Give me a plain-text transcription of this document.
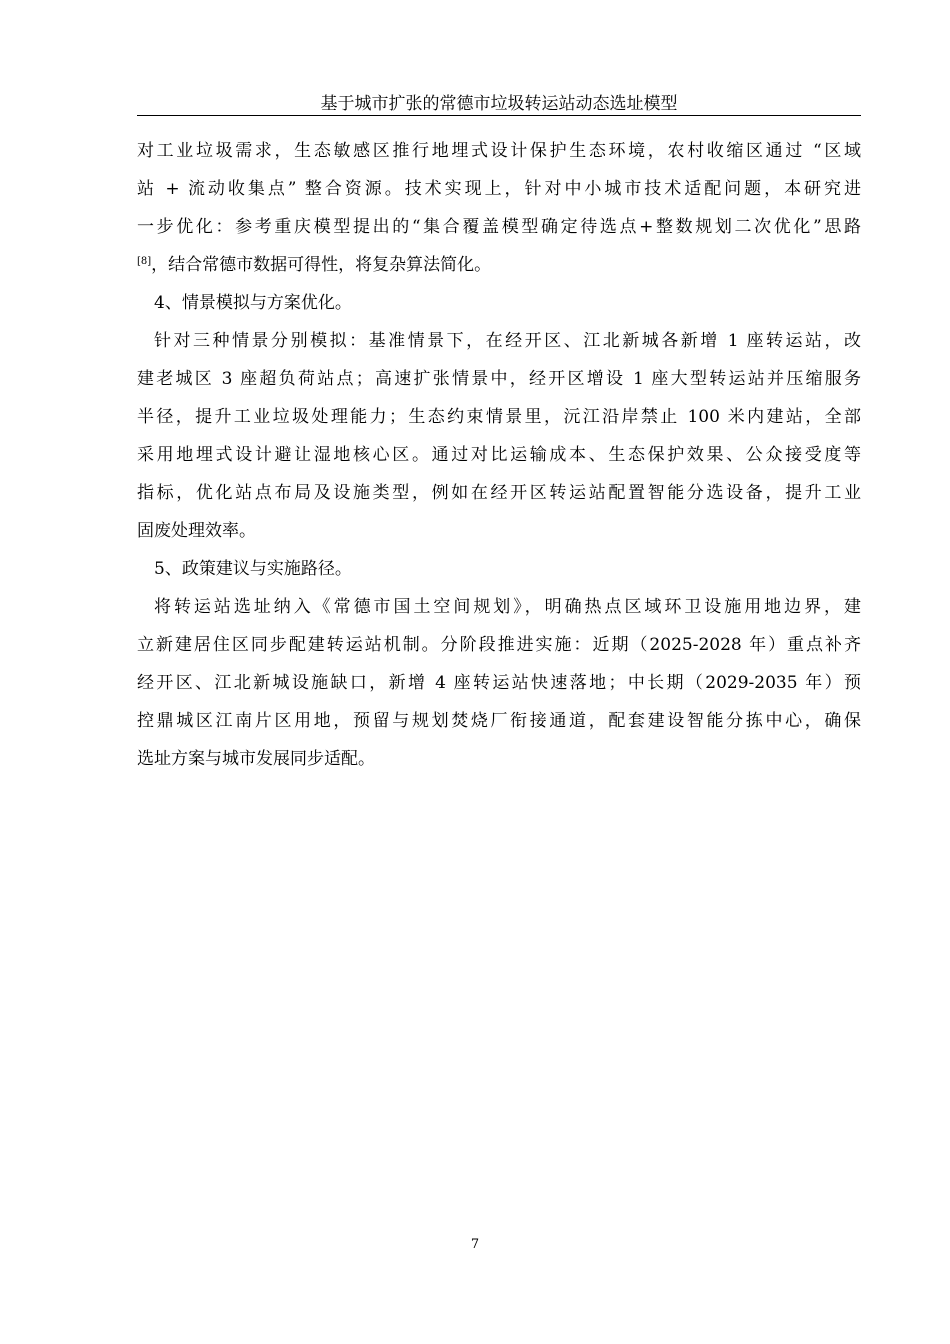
基于城市扩张的常德市垃圾转运站动态选址模型
对工业垃圾需求，生态敏感区推行地埋式设计保护生态环境，农村收缩区通过 “区域
站 + 流动收集点” 整合资源。技术实现上，针对中小城市技术适配问题，本研究进
一步优化：参考重庆模型提出的“集合覆盖模型确定待选点+整数规划二次优化”思路
[8]，结合常德市数据可得性，将复杂算法简化。
4、情景模拟与方案优化。
针对三种情景分别模拟：基准情景下，在经开区、江北新城各新增 1 座转运站，改
建老城区 3 座超负荷站点；高速扩张情景中，经开区增设 1 座大型转运站并压缩服务
半径，提升工业垃圾处理能力；生态约束情景里，沅江沿岸禁止 100 米内建站，全部
采用地埋式设计避让湿地核心区。通过对比运输成本、生态保护效果、公众接受度等
指标，优化站点布局及设施类型，例如在经开区转运站配置智能分选设备，提升工业
固废处理效率。
5、政策建议与实施路径。
将转运站选址纳入《常德市国土空间规划》，明确热点区域环卫设施用地边界，建
立新建居住区同步配建转运站机制。分阶段推进实施：近期（2025-2028 年）重点补齐
经开区、江北新城设施缺口，新增 4 座转运站快速落地；中长期（2029-2035 年）预
控鼎城区江南片区用地，预留与规划焚烧厂衔接通道，配套建设智能分拣中心，确保
选址方案与城市发展同步适配。
7
